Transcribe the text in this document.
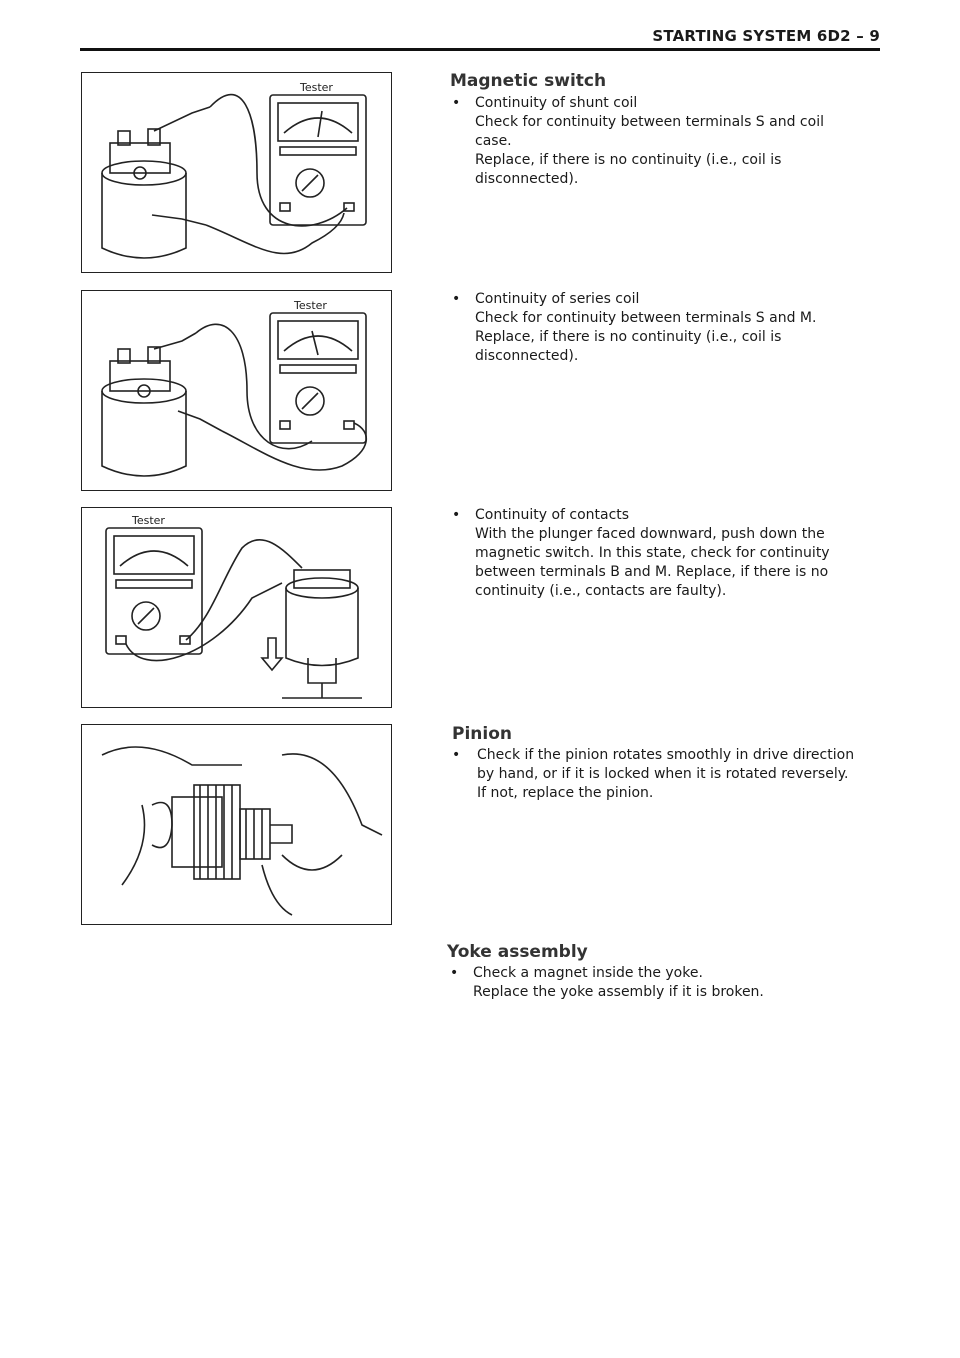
STARTING SYSTEM 6D2 – 9
Tester
Tester
Tester
Magnetic switch
• Continuity of shunt coil
Check for continuity between terminals S and coil
case.
Replace, if there is no continuity (i.e., coil is
disconnected).
• Continuity of series coil
Check for continuity between terminals S and M.
Replace, if there is no continuity (i.e., coil is
disconnected).
• Continuity of contacts
With the plunger faced downward, push down the
magnetic switch. In this state, check for continuity
between terminals B and M. Replace, if there is no
continuity (i.e., contacts are faulty).
Pinion
• Check if the pinion rotates smoothly in drive direction
by hand, or if it is locked when it is rotated reversely.
If not, replace the pinion.
Yoke assembly
• Check a magnet inside the yoke.
Replace the yoke assembly if it is broken.
